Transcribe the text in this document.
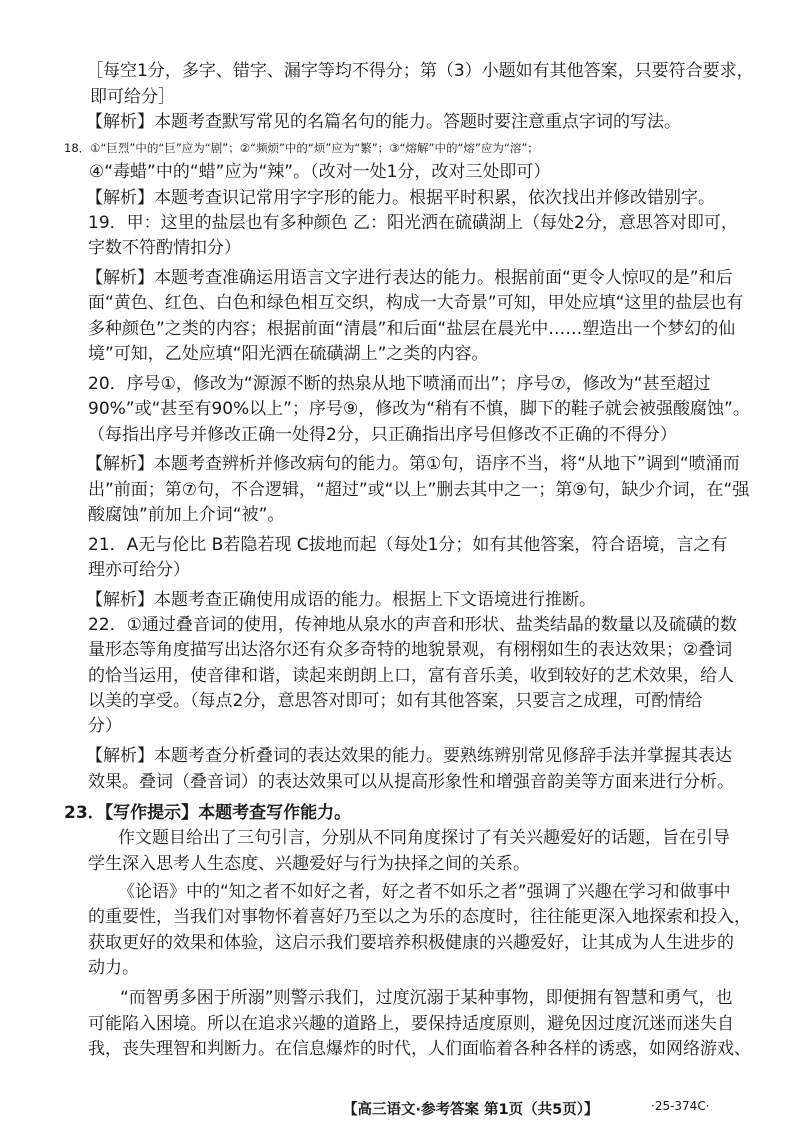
［每空1分，多字、错字、漏字等均不得分；第（3）小题如有其他答案，只要符合要求，
即可给分］
【解析】本题考查默写常见的名篇名句的能力。答题时要注意重点字词的写法。
18．①“巨烈”中的“巨”应为“剧”；②“频烦”中的“烦”应为“繁”；③“熔解”中的“熔”应为“溶”；
④“毒蜡”中的“蜡”应为“辣”。（改对一处1分，改对三处即可）
【解析】本题考查识记常用字字形的能力。根据平时积累，依次找出并修改错别字。
19．甲：这里的盐层也有多种颜色 乙：阳光洒在硫磺湖上（每处2分，意思答对即可，
字数不符酌情扣分）
【解析】本题考查准确运用语言文字进行表达的能力。根据前面“更令人惊叹的是”和后
面“黄色、红色、白色和绿色相互交织，构成一大奇景”可知，甲处应填“这里的盐层也有
多种颜色”之类的内容；根据前面“清晨”和后面“盐层在晨光中……塑造出一个梦幻的仙
境”可知，乙处应填“阳光洒在硫磺湖上”之类的内容。
20．序号①，修改为“源源不断的热泉从地下喷涌而出”；序号⑦，修改为“甚至超过
90%”或“甚至有90%以上”；序号⑨，修改为“稍有不慎，脚下的鞋子就会被强酸腐蚀”。
（每指出序号并修改正确一处得2分，只正确指出序号但修改不正确的不得分）
【解析】本题考查辨析并修改病句的能力。第①句，语序不当，将“从地下”调到“喷涌而
出”前面；第⑦句，不合逻辑，“超过”或“以上”删去其中之一；第⑨句，缺少介词，在“强
酸腐蚀”前加上介词“被”。
21．A无与伦比 B若隐若现 C拔地而起（每处1分；如有其他答案，符合语境，言之有
理亦可给分）
【解析】本题考查正确使用成语的能力。根据上下文语境进行推断。
22．①通过叠音词的使用，传神地从泉水的声音和形状、盐类结晶的数量以及硫磺的数
量形态等角度描写出达洛尔还有众多奇特的地貌景观，有栩栩如生的表达效果；②叠词
的恰当运用，使音律和谐，读起来朗朗上口，富有音乐美，收到较好的艺术效果，给人
以美的享受。（每点2分，意思答对即可；如有其他答案，只要言之成理，可酌情给
分）
【解析】本题考查分析叠词的表达效果的能力。要熟练辨别常见修辞手法并掌握其表达
效果。叠词（叠音词）的表达效果可以从提高形象性和增强音韵美等方面来进行分析。
23．【写作提示】本题考查写作能力。
作文题目给出了三句引言，分别从不同角度探讨了有关兴趣爱好的话题，旨在引导
学生深入思考人生态度、兴趣爱好与行为抉择之间的关系。
《论语》中的“知之者不如好之者，好之者不如乐之者”强调了兴趣在学习和做事中
的重要性，当我们对事物怀着喜好乃至以之为乐的态度时，往往能更深入地探索和投入，
获取更好的效果和体验，这启示我们要培养积极健康的兴趣爱好，让其成为人生进步的
动力。
“而智勇多困于所溺”则警示我们，过度沉溺于某种事物，即便拥有智慧和勇气，也
可能陷入困境。所以在追求兴趣的道路上，要保持适度原则，避免因过度沉迷而迷失自
我，丧失理智和判断力。在信息爆炸的时代，人们面临着各种各样的诱惑，如网络游戏、
【高三语文·参考答案 第1页（共5页）】	·25-374C·
